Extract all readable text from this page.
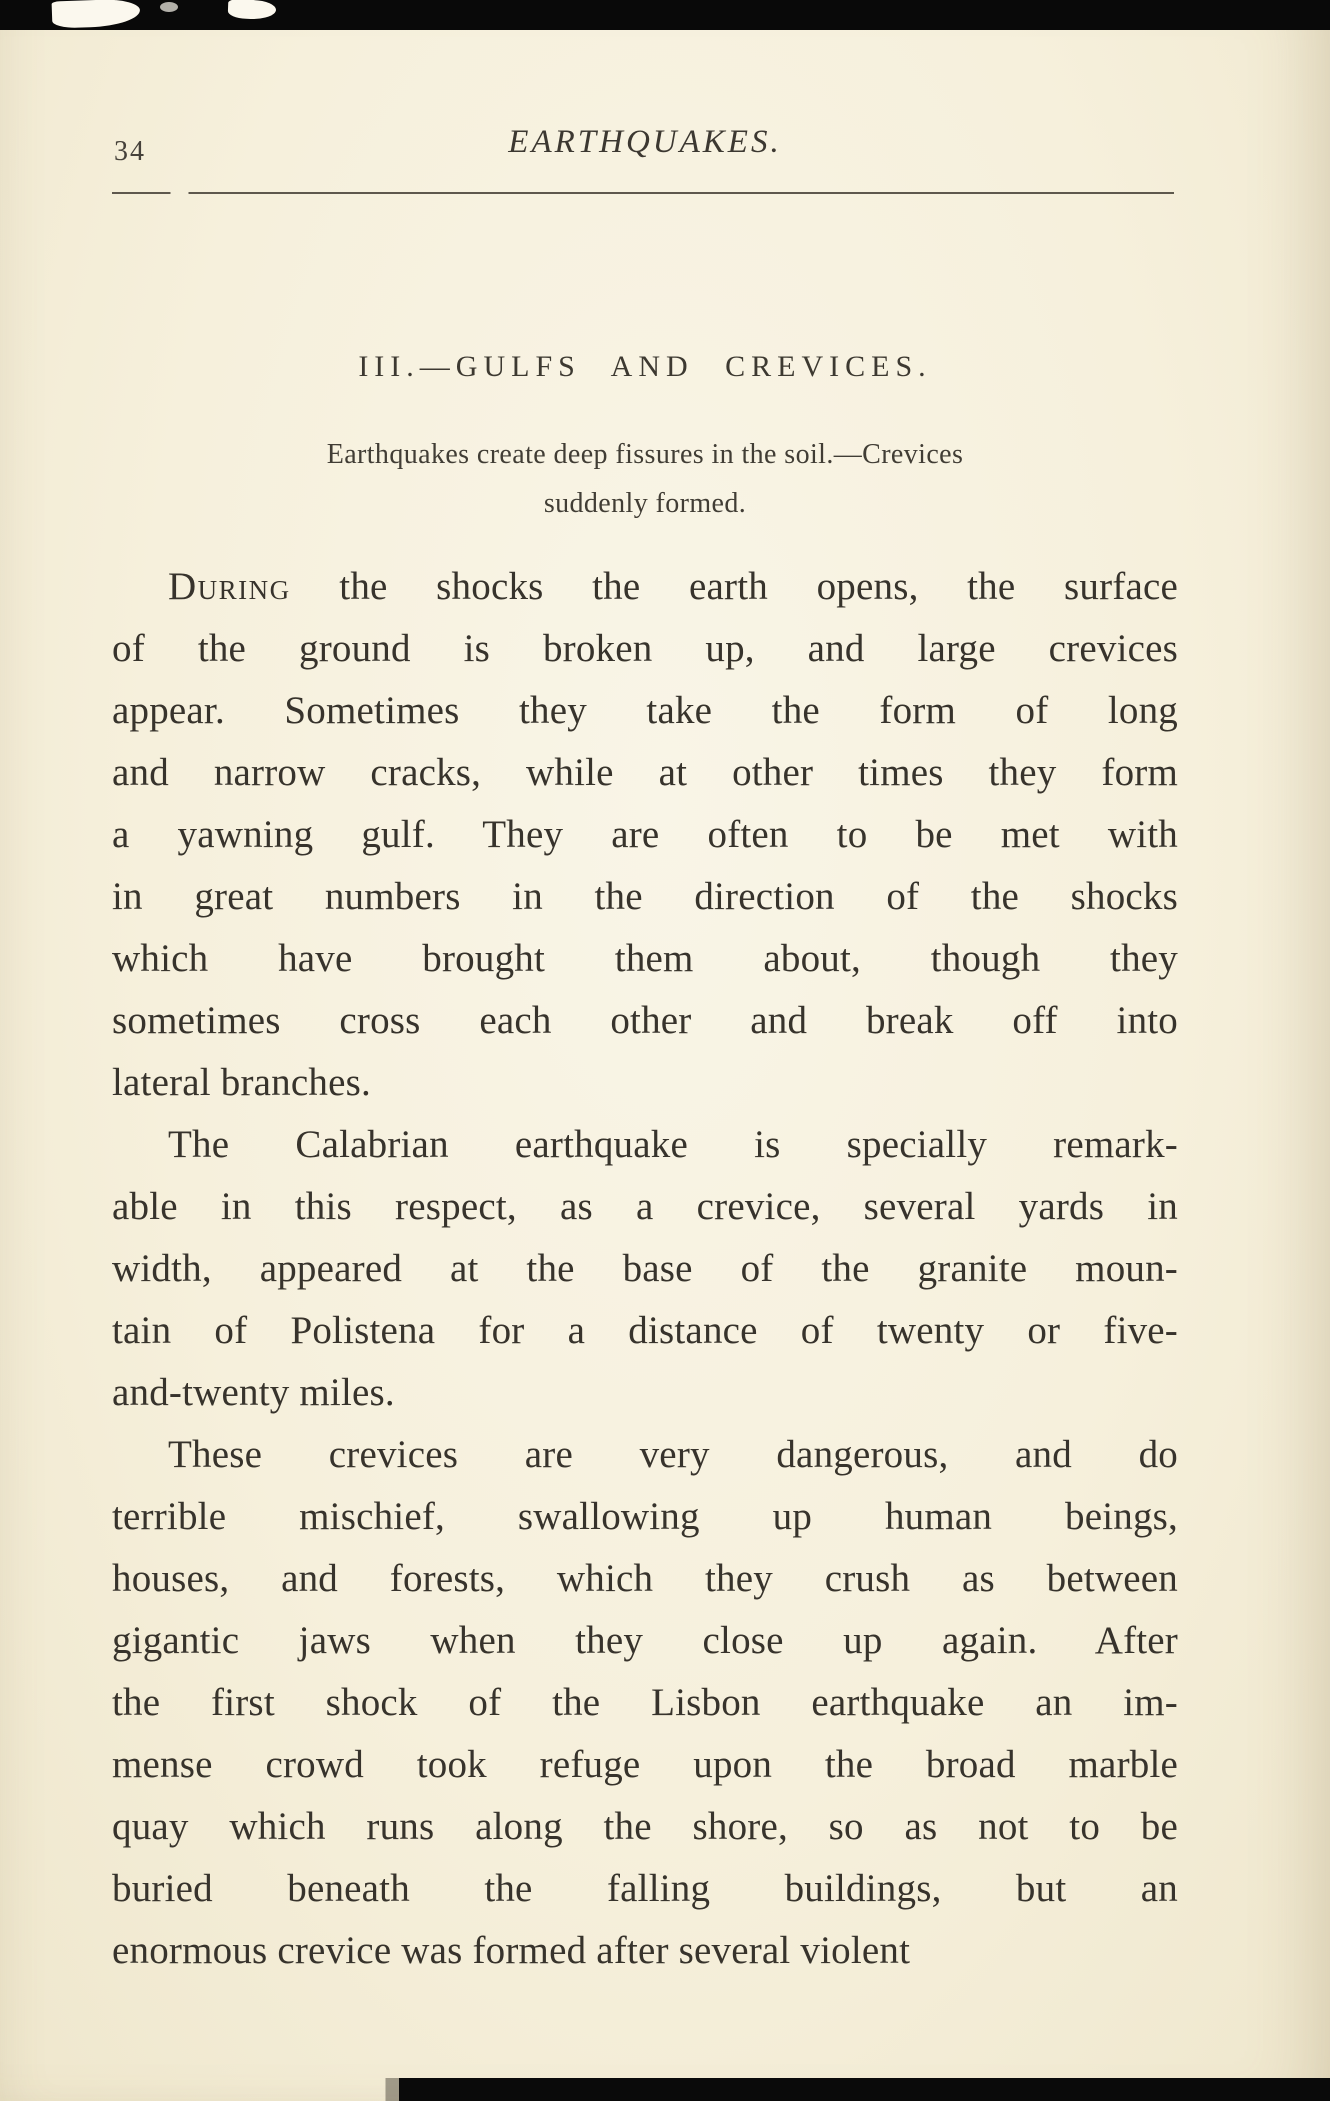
34	EARTHQUAKES.
III.—GULFS AND CREVICES.
Earthquakes create deep fissures in the soil.—Crevices
suddenly formed.
During the shocks the earth opens, the surface
of the ground is broken up, and large crevices
appear. Sometimes they take the form of long
and narrow cracks, while at other times they form
a yawning gulf. They are often to be met with
in great numbers in the direction of the shocks
which have brought them about, though they
sometimes cross each other and break off into
lateral branches.
The Calabrian earthquake is specially remark-
able in this respect, as a crevice, several yards in
width, appeared at the base of the granite moun-
tain of Polistena for a distance of twenty or five-
and-twenty miles.
These crevices are very dangerous, and do
terrible mischief, swallowing up human beings,
houses, and forests, which they crush as between
gigantic jaws when they close up again. After
the first shock of the Lisbon earthquake an im-
mense crowd took refuge upon the broad marble
quay which runs along the shore, so as not to be
buried beneath the falling buildings, but an
enormous crevice was formed after several violent
